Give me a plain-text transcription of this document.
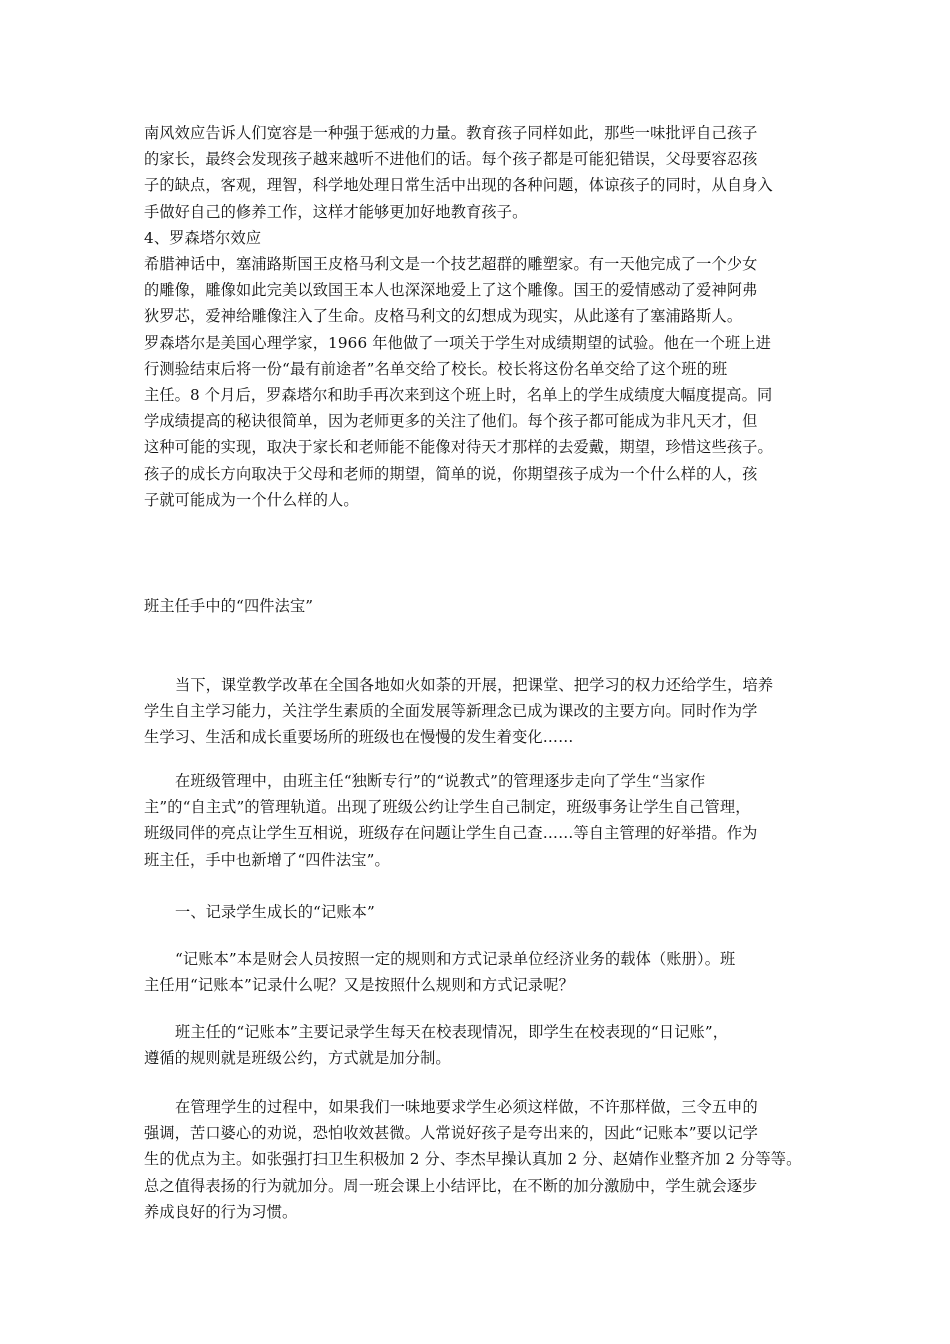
南风效应告诉人们宽容是一种强于惩戒的力量。教育孩子同样如此，那些一味批评自己孩子
的家长，最终会发现孩子越来越听不进他们的话。每个孩子都是可能犯错误，父母要容忍孩
子的缺点，客观，理智，科学地处理日常生活中出现的各种问题，体谅孩子的同时，从自身入
手做好自己的修养工作，这样才能够更加好地教育孩子。
4、罗森塔尔效应
希腊神话中，塞浦路斯国王皮格马利文是一个技艺超群的雕塑家。有一天他完成了一个少女
的雕像，雕像如此完美以致国王本人也深深地爱上了这个雕像。国王的爱情感动了爱神阿弗
狄罗芯，爱神给雕像注入了生命。皮格马利文的幻想成为现实，从此遂有了塞浦路斯人。
罗森塔尔是美国心理学家，1966 年他做了一项关于学生对成绩期望的试验。他在一个班上进
行测验结束后将一份“最有前途者”名单交给了校长。校长将这份名单交给了这个班的班
主任。8 个月后，罗森塔尔和助手再次来到这个班上时，名单上的学生成绩度大幅度提高。同
学成绩提高的秘诀很简单，因为老师更多的关注了他们。每个孩子都可能成为非凡天才，但
这种可能的实现，取决于家长和老师能不能像对待天才那样的去爱戴，期望，珍惜这些孩子。
孩子的成长方向取决于父母和老师的期望，简单的说，你期望孩子成为一个什么样的人，孩
子就可能成为一个什么样的人。
班主任手中的“四件法宝”
当下，课堂教学改革在全国各地如火如荼的开展，把课堂、把学习的权力还给学生，培养
学生自主学习能力，关注学生素质的全面发展等新理念已成为课改的主要方向。同时作为学
生学习、生活和成长重要场所的班级也在慢慢的发生着变化……
在班级管理中，由班主任“独断专行”的“说教式”的管理逐步走向了学生“当家作
主”的“自主式”的管理轨道。出现了班级公约让学生自己制定，班级事务让学生自己管理，
班级同伴的亮点让学生互相说，班级存在问题让学生自己查……等自主管理的好举措。作为
班主任，手中也新增了“四件法宝”。
一、记录学生成长的“记账本”
“记账本”本是财会人员按照一定的规则和方式记录单位经济业务的载体（账册）。班
主任用“记账本”记录什么呢？又是按照什么规则和方式记录呢？
班主任的“记账本”主要记录学生每天在校表现情况，即学生在校表现的“日记账”，
遵循的规则就是班级公约，方式就是加分制。
在管理学生的过程中，如果我们一味地要求学生必须这样做，不许那样做，三令五申的
强调，苦口婆心的劝说，恐怕收效甚微。人常说好孩子是夸出来的，因此“记账本”要以记学
生的优点为主。如张强打扫卫生积极加 2 分、李杰早操认真加 2 分、赵婧作业整齐加 2 分等等。
总之值得表扬的行为就加分。周一班会课上小结评比，在不断的加分激励中，学生就会逐步
养成良好的行为习惯。
